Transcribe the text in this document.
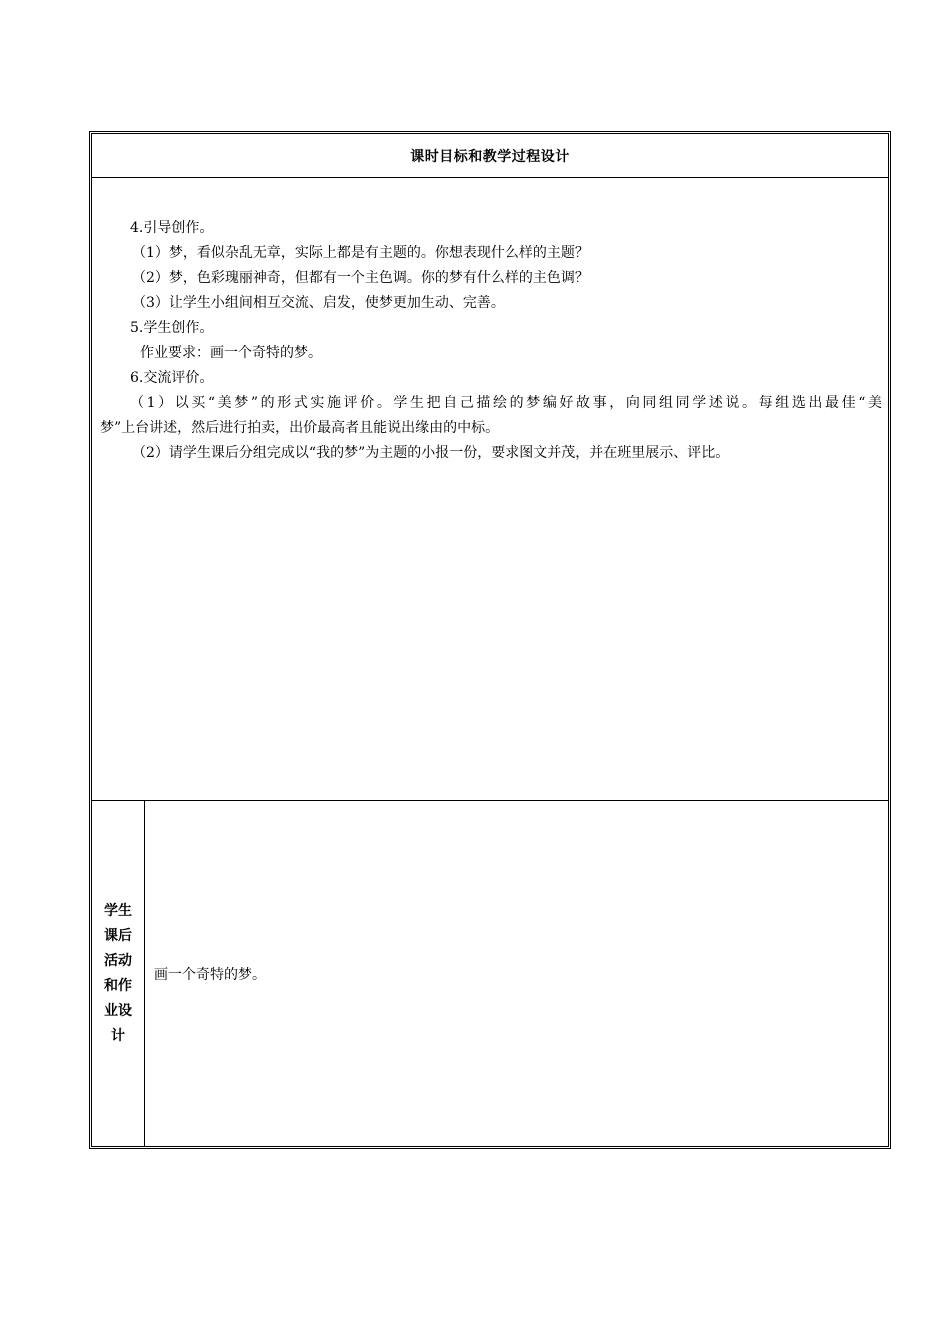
课时目标和教学过程设计
4.引导创作。
（1）梦，看似杂乱无章，实际上都是有主题的。你想表现什么样的主题？
（2）梦，色彩瑰丽神奇，但都有一个主色调。你的梦有什么样的主色调？
（3）让学生小组间相互交流、启发，使梦更加生动、完善。
5.学生创作。
作业要求：画一个奇特的梦。
6.交流评价。
（1）以买“美梦”的形式实施评价。学生把自己描绘的梦编好故事，向同组同学述说。每组选出最佳“美
梦”上台讲述，然后进行拍卖，出价最高者且能说出缘由的中标。
（2）请学生课后分组完成以“我的梦”为主题的小报一份，要求图文并茂，并在班里展示、评比。
学生
课后
活动
和作
业设
计
画一个奇特的梦。
